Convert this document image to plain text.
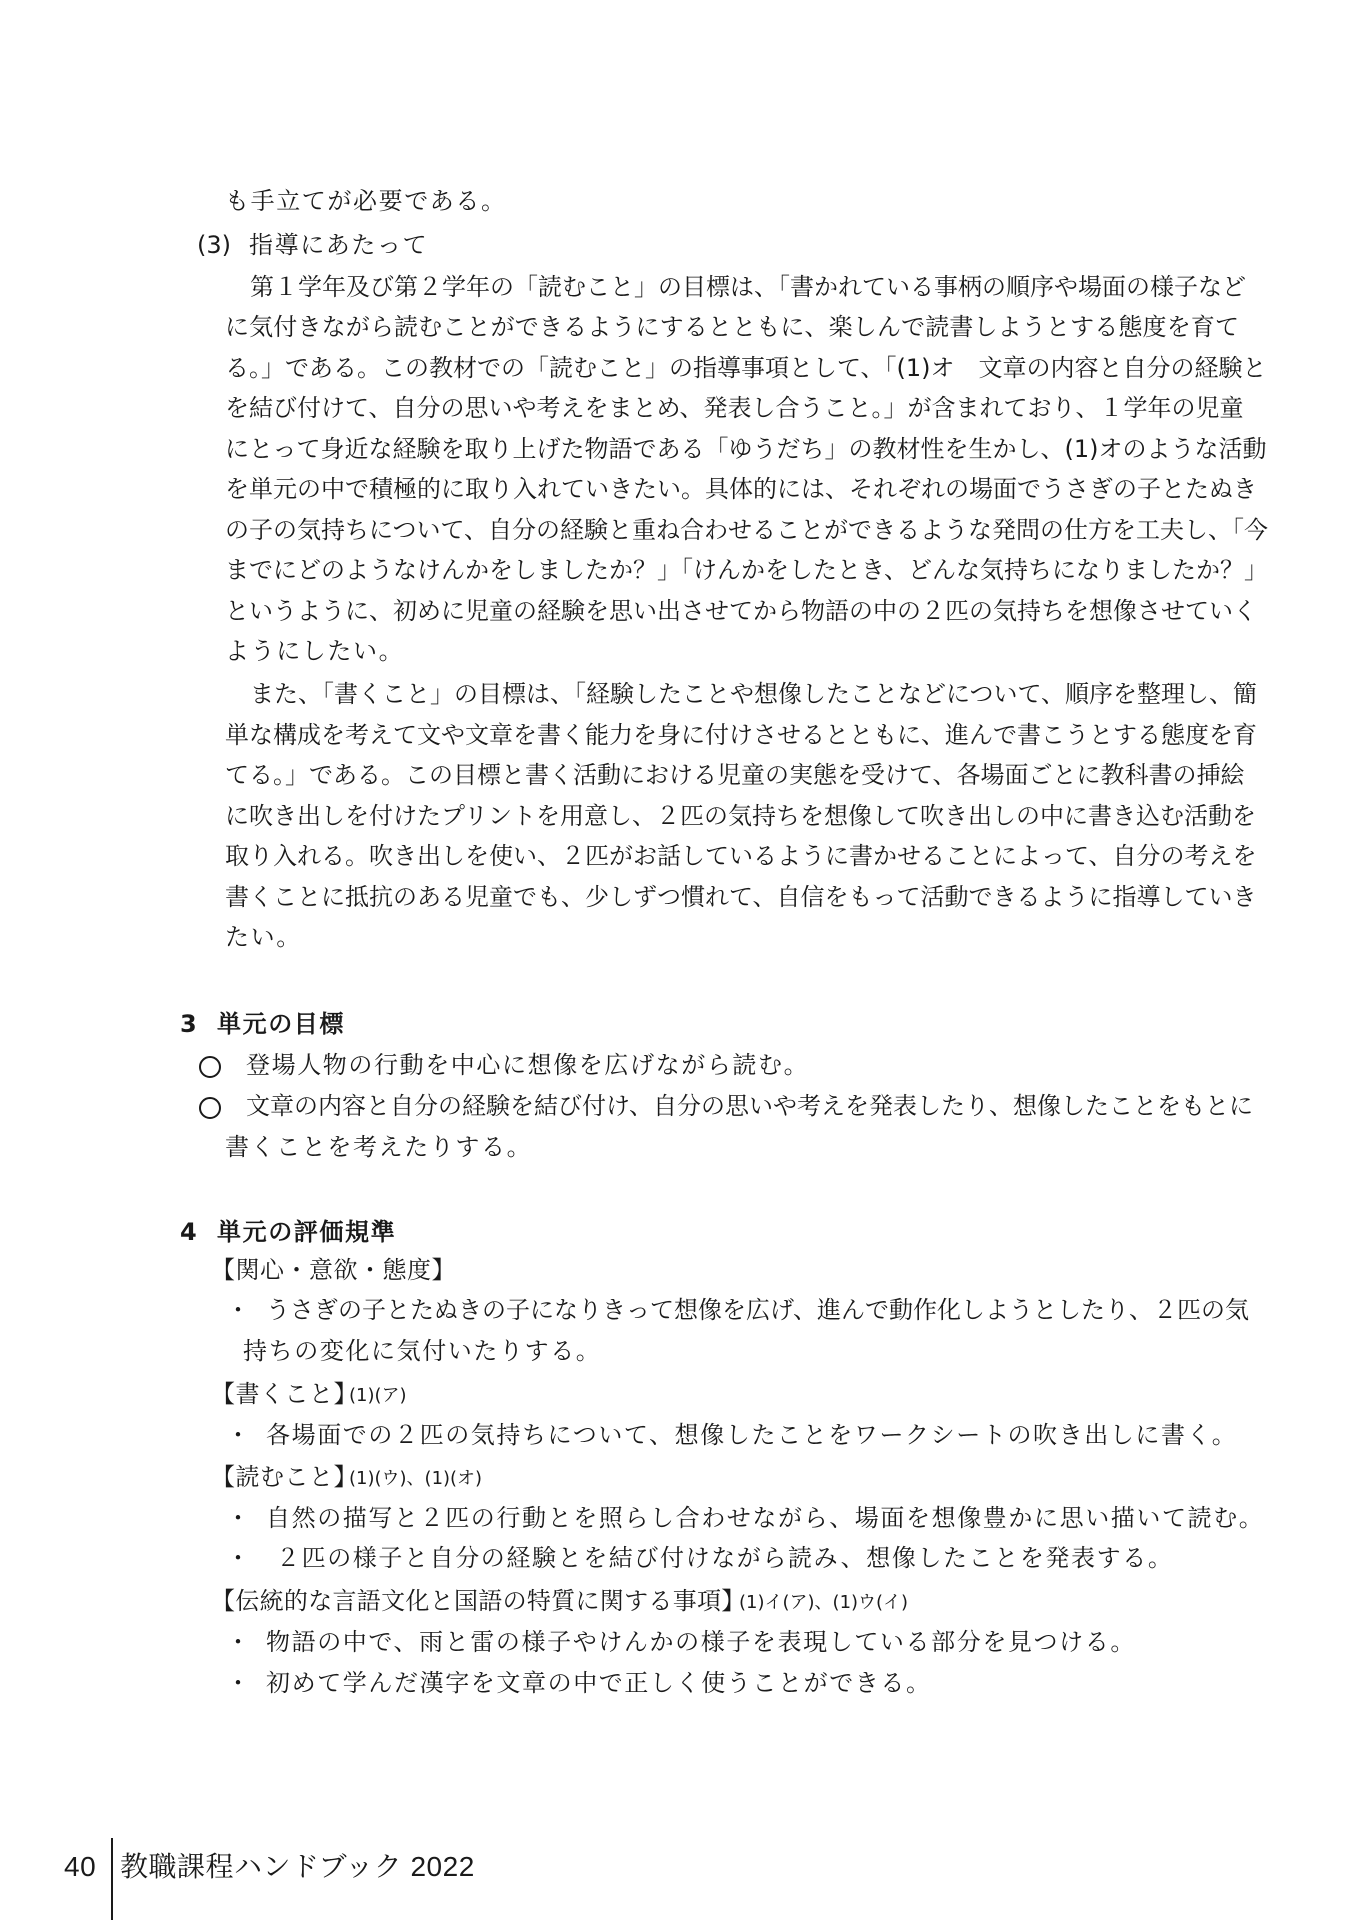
も手立てが必要である。
(3) 指導にあたって
第１学年及び第２学年の「読むこと」の目標は、「書かれている事柄の順序や場面の様子など
に気付きながら読むことができるようにするとともに、楽しんで読書しようとする態度を育て
る。」である。この教材での「読むこと」の指導事項として、「(1)オ　文章の内容と自分の経験と
を結び付けて、自分の思いや考えをまとめ、発表し合うこと。」が含まれており、１学年の児童
にとって身近な経験を取り上げた物語である「ゆうだち」の教材性を生かし、(1)オのような活動
を単元の中で積極的に取り入れていきたい。具体的には、それぞれの場面でうさぎの子とたぬき
の子の気持ちについて、自分の経験と重ね合わせることができるような発問の仕方を工夫し、「今
までにどのようなけんかをしましたか？」「けんかをしたとき、どんな気持ちになりましたか？」
というように、初めに児童の経験を思い出させてから物語の中の２匹の気持ちを想像させていく
ようにしたい。
また、「書くこと」の目標は、「経験したことや想像したことなどについて、順序を整理し、簡
単な構成を考えて文や文章を書く能力を身に付けさせるとともに、進んで書こうとする態度を育
てる。」である。この目標と書く活動における児童の実態を受けて、各場面ごとに教科書の挿絵
に吹き出しを付けたプリントを用意し、２匹の気持ちを想像して吹き出しの中に書き込む活動を
取り入れる。吹き出しを使い、２匹がお話しているように書かせることによって、自分の考えを
書くことに抵抗のある児童でも、少しずつ慣れて、自信をもって活動できるように指導していき
たい。
3 単元の目標
登場人物の行動を中心に想像を広げながら読む。
文章の内容と自分の経験を結び付け、自分の思いや考えを発表したり、想像したことをもとに
書くことを考えたりする。
4 単元の評価規準
【関心・意欲・態度】
・ うさぎの子とたぬきの子になりきって想像を広げ、進んで動作化しようとしたり、２匹の気
持ちの変化に気付いたりする。
【書くこと】
(1)(ア)
・ 各場面での２匹の気持ちについて、想像したことをワークシートの吹き出しに書く。
【読むこと】
(1)(ウ)、(1)(オ)
・ 自然の描写と２匹の行動とを照らし合わせながら、場面を想像豊かに思い描いて読む。
・ ２匹の様子と自分の経験とを結び付けながら読み、想像したことを発表する。
【伝統的な言語文化と国語の特質に関する事項】
(1)イ(ア)、(1)ウ(イ)
・ 物語の中で、雨と雷の様子やけんかの様子を表現している部分を見つける。
・ 初めて学んだ漢字を文章の中で正しく使うことができる。
40 教職課程ハンドブック 2022
